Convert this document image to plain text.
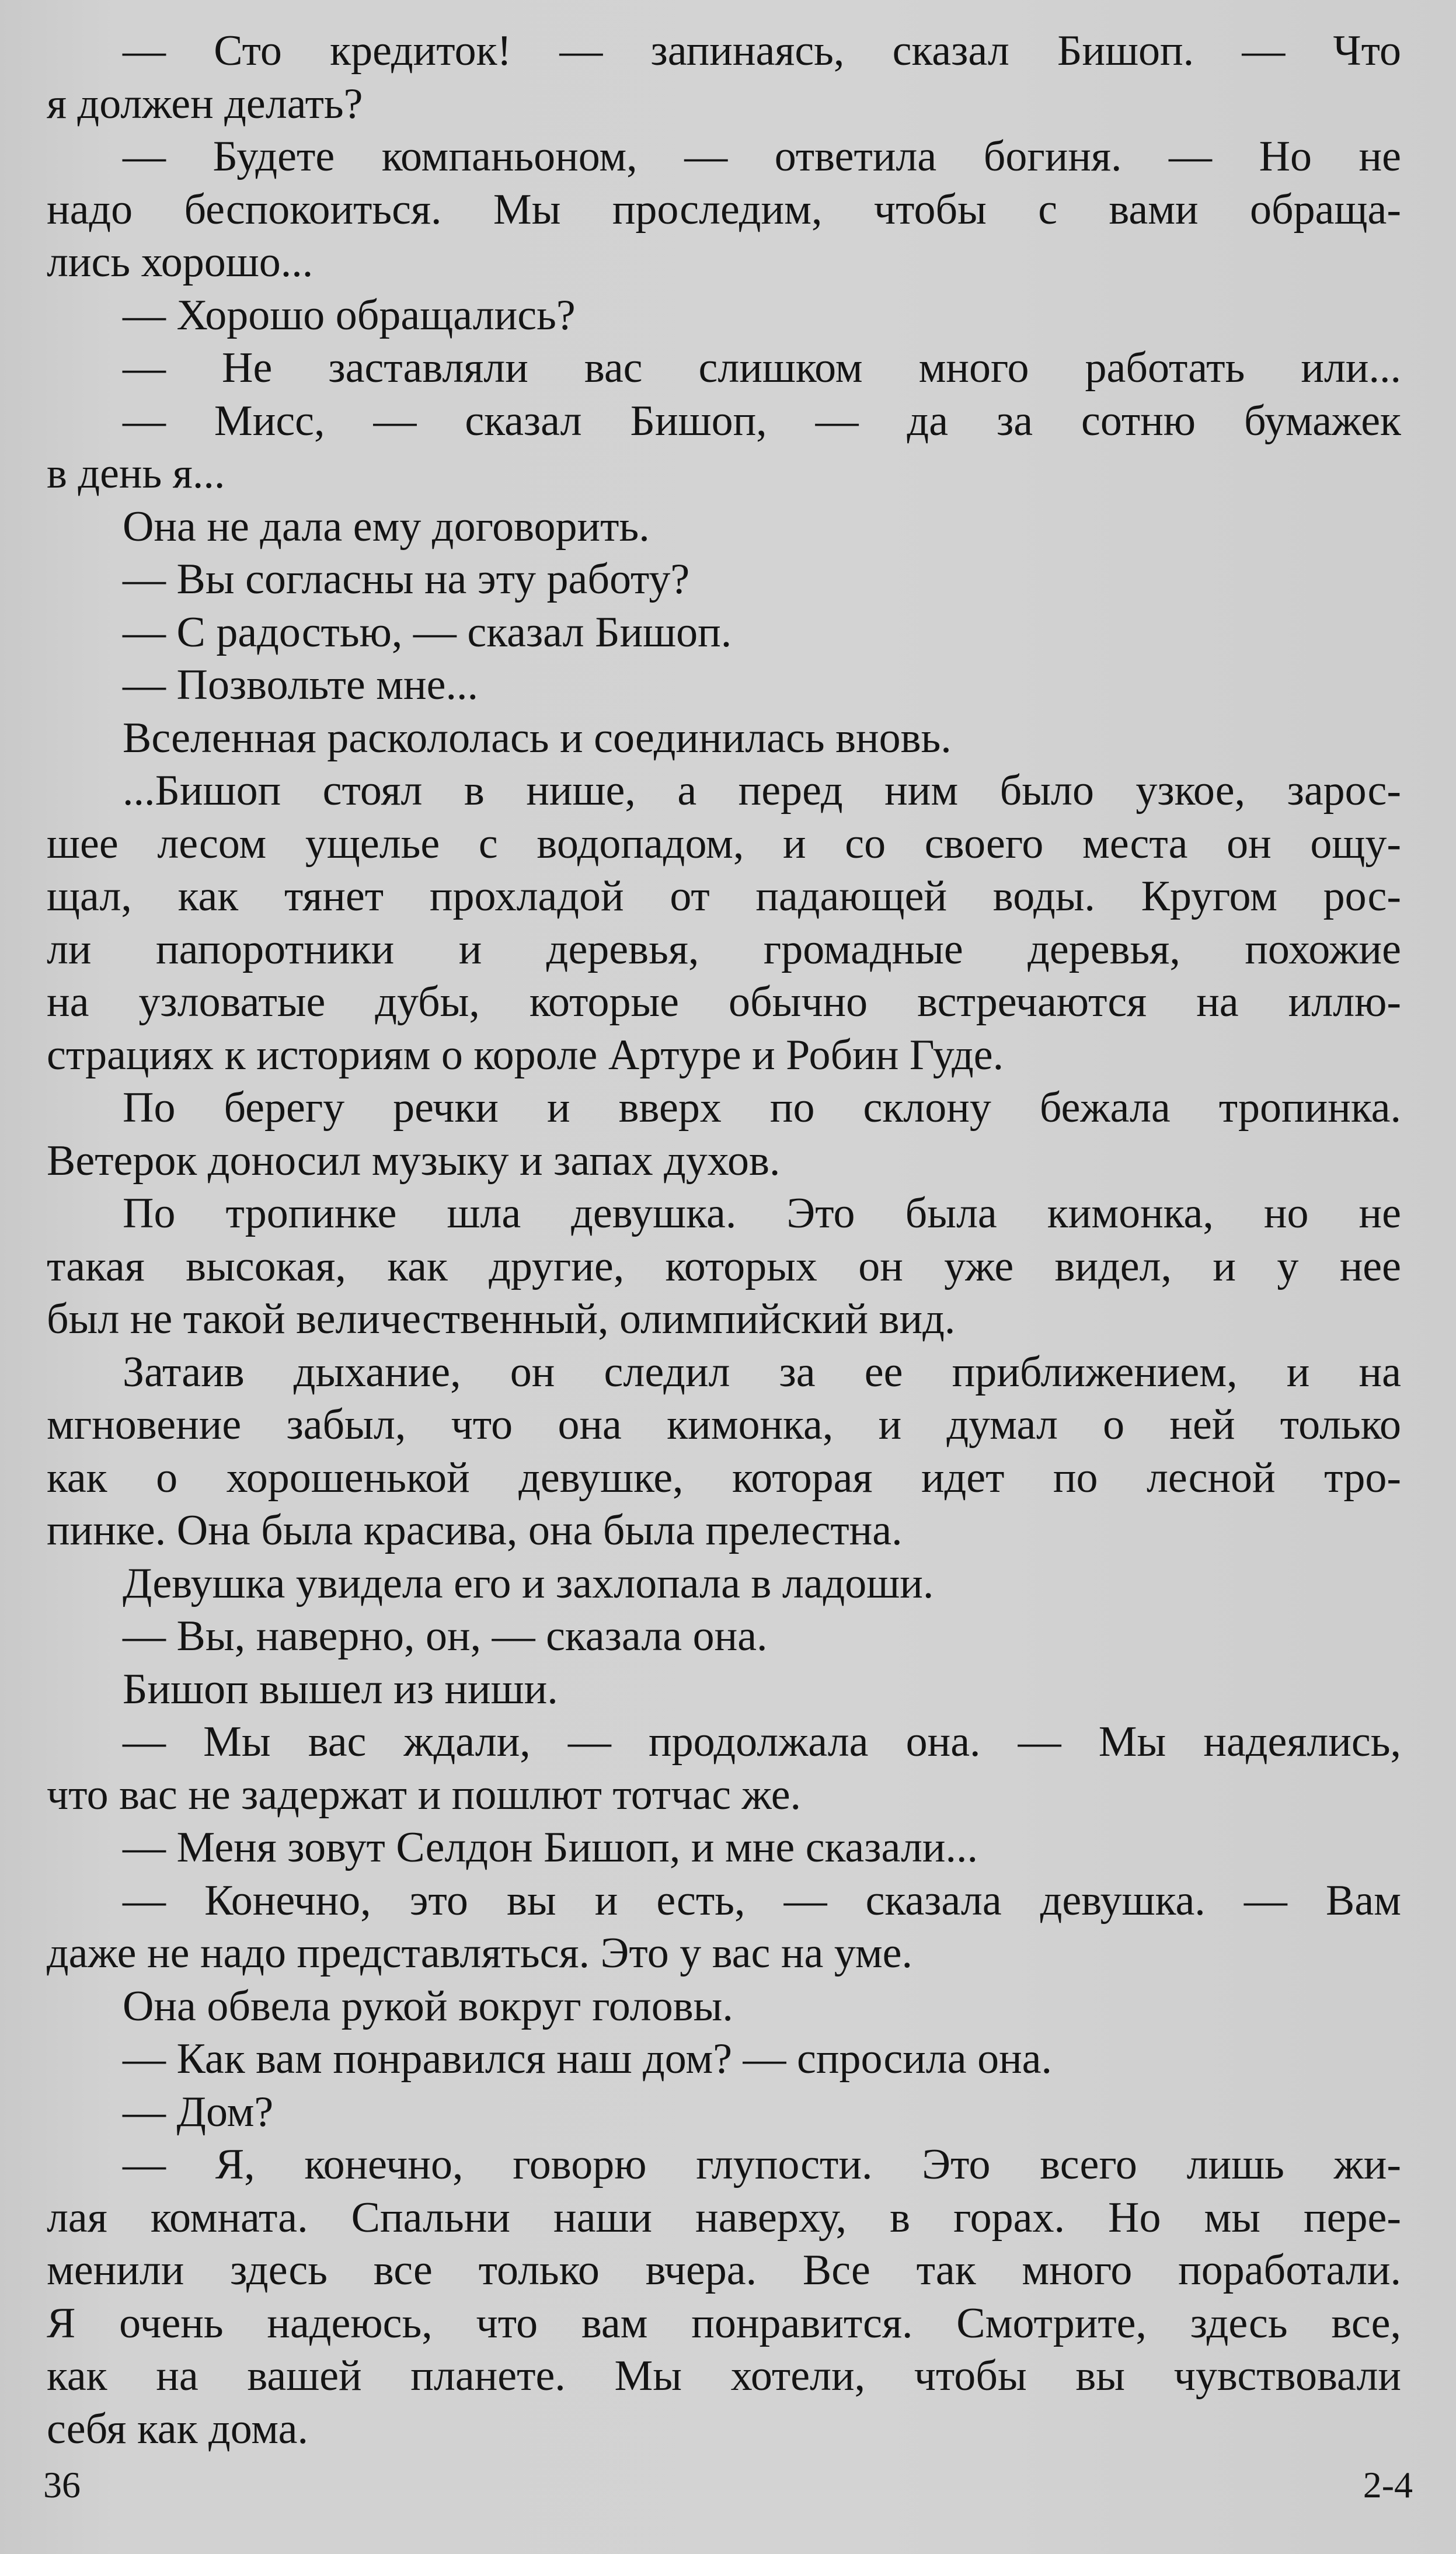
— Сто кредиток! — запинаясь, сказал Бишоп. — Что
я должен делать?
— Будете компаньоном, — ответила богиня. — Но не
надо беспокоиться. Мы проследим, чтобы с вами обраща-
лись хорошо...
— Хорошо обращались?
— Не заставляли вас слишком много работать или...
— Мисс, — сказал Бишоп, — да за сотню бумажек
в день я...
Она не дала ему договорить.
— Вы согласны на эту работу?
— С радостью, — сказал Бишоп.
— Позвольте мне...
Вселенная раскололась и соединилась вновь.
...Бишоп стоял в нише, а перед ним было узкое, зарос-
шее лесом ущелье с водопадом, и со своего места он ощу-
щал, как тянет прохладой от падающей воды. Кругом рос-
ли папоротники и деревья, громадные деревья, похожие
на узловатые дубы, которые обычно встречаются на иллю-
страциях к историям о короле Артуре и Робин Гуде.
По берегу речки и вверх по склону бежала тропинка.
Ветерок доносил музыку и запах духов.
По тропинке шла девушка. Это была кимонка, но не
такая высокая, как другие, которых он уже видел, и у нее
был не такой величественный, олимпийский вид.
Затаив дыхание, он следил за ее приближением, и на
мгновение забыл, что она кимонка, и думал о ней только
как о хорошенькой девушке, которая идет по лесной тро-
пинке. Она была красива, она была прелестна.
Девушка увидела его и захлопала в ладоши.
— Вы, наверно, он, — сказала она.
Бишоп вышел из ниши.
— Мы вас ждали, — продолжала она. — Мы надеялись,
что вас не задержат и пошлют тотчас же.
— Меня зовут Селдон Бишоп, и мне сказали...
— Конечно, это вы и есть, — сказала девушка. — Вам
даже не надо представляться. Это у вас на уме.
Она обвела рукой вокруг головы.
— Как вам понравился наш дом? — спросила она.
— Дом?
— Я, конечно, говорю глупости. Это всего лишь жи-
лая комната. Спальни наши наверху, в горах. Но мы пере-
менили здесь все только вчера. Все так много поработали.
Я очень надеюсь, что вам понравится. Смотрите, здесь все,
как на вашей планете. Мы хотели, чтобы вы чувствовали
себя как дома.
36	2-4
